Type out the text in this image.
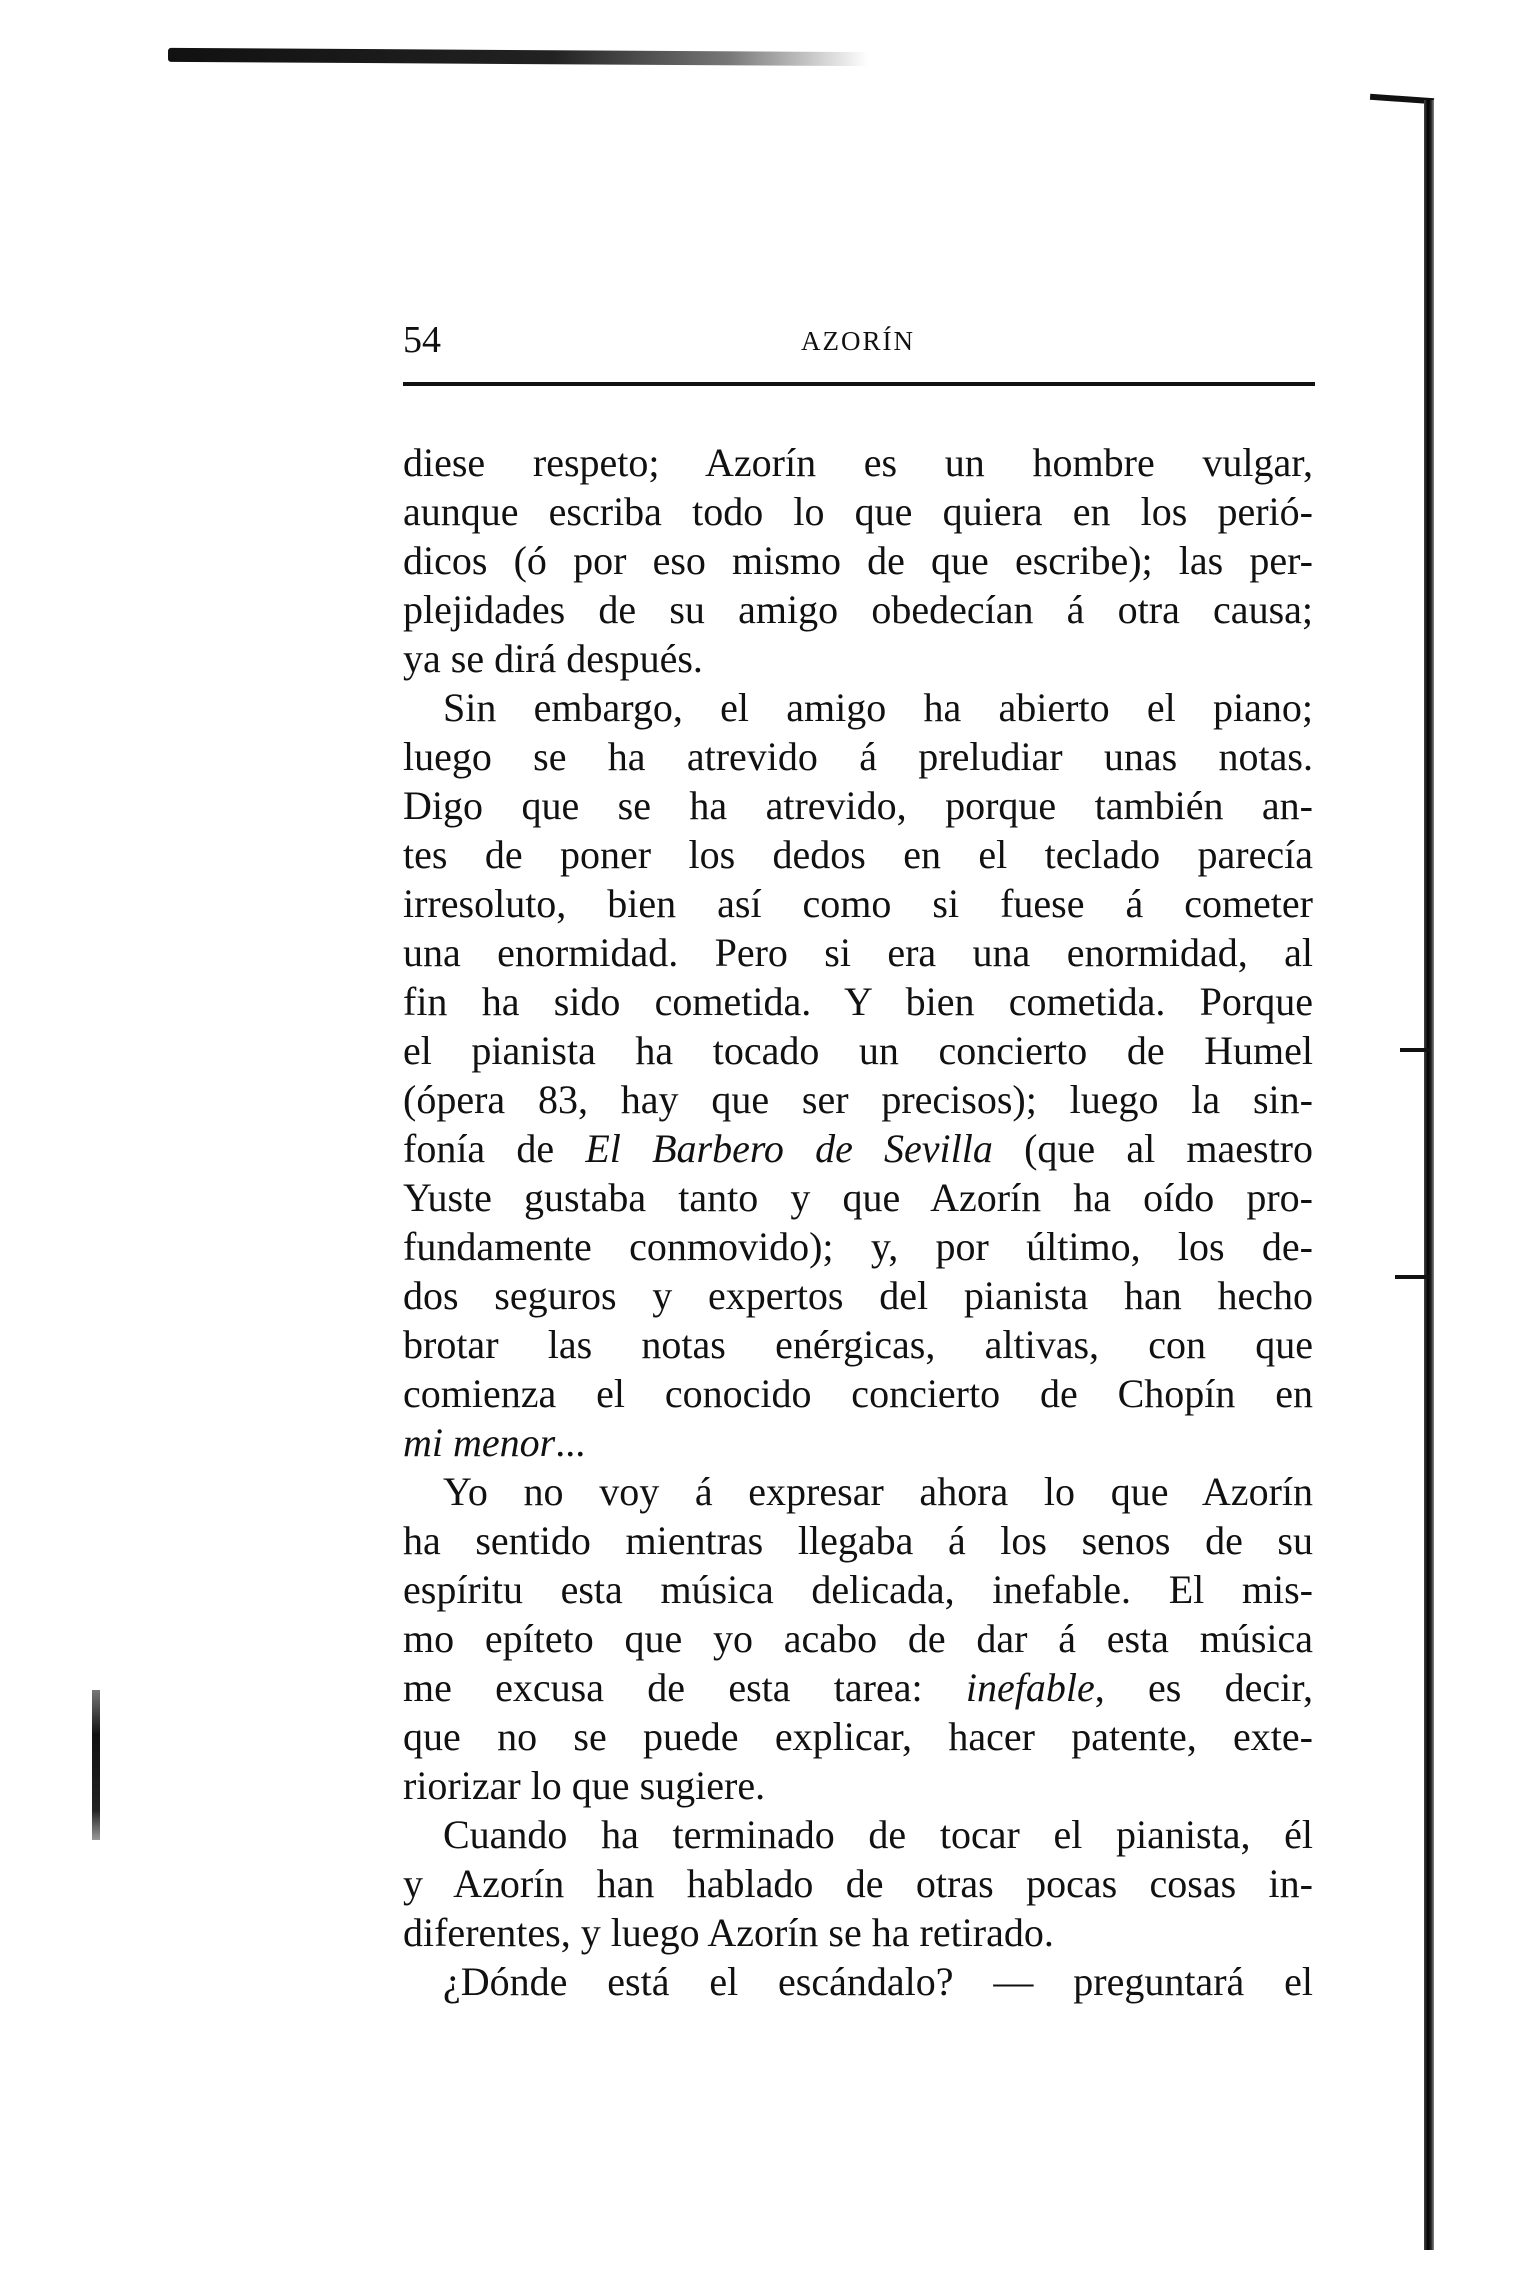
54	AZORÍN
diese respeto; Azorín es un hombre vulgar,
aunque escriba todo lo que quiera en los perió-
dicos (ó por eso mismo de que escribe); las per-
plejidades de su amigo obedecían á otra causa;
ya se dirá después.
Sin embargo, el amigo ha abierto el piano;
luego se ha atrevido á preludiar unas notas.
Digo que se ha atrevido, porque también an-
tes de poner los dedos en el teclado parecía
irresoluto, bien así como si fuese á cometer
una enormidad. Pero si era una enormidad, al
fin ha sido cometida. Y bien cometida. Porque
el pianista ha tocado un concierto de Humel
(ópera 83, hay que ser precisos); luego la sin-
fonía de El Barbero de Sevilla (que al maestro
Yuste gustaba tanto y que Azorín ha oído pro-
fundamente conmovido); y, por último, los de-
dos seguros y expertos del pianista han hecho
brotar las notas enérgicas, altivas, con que
comienza el conocido concierto de Chopín en
mi menor...
Yo no voy á expresar ahora lo que Azorín
ha sentido mientras llegaba á los senos de su
espíritu esta música delicada, inefable. El mis-
mo epíteto que yo acabo de dar á esta música
me excusa de esta tarea: inefable, es decir,
que no se puede explicar, hacer patente, exte-
riorizar lo que sugiere.
Cuando ha terminado de tocar el pianista, él
y Azorín han hablado de otras pocas cosas in-
diferentes, y luego Azorín se ha retirado.
¿Dónde está el escándalo? — preguntará el
